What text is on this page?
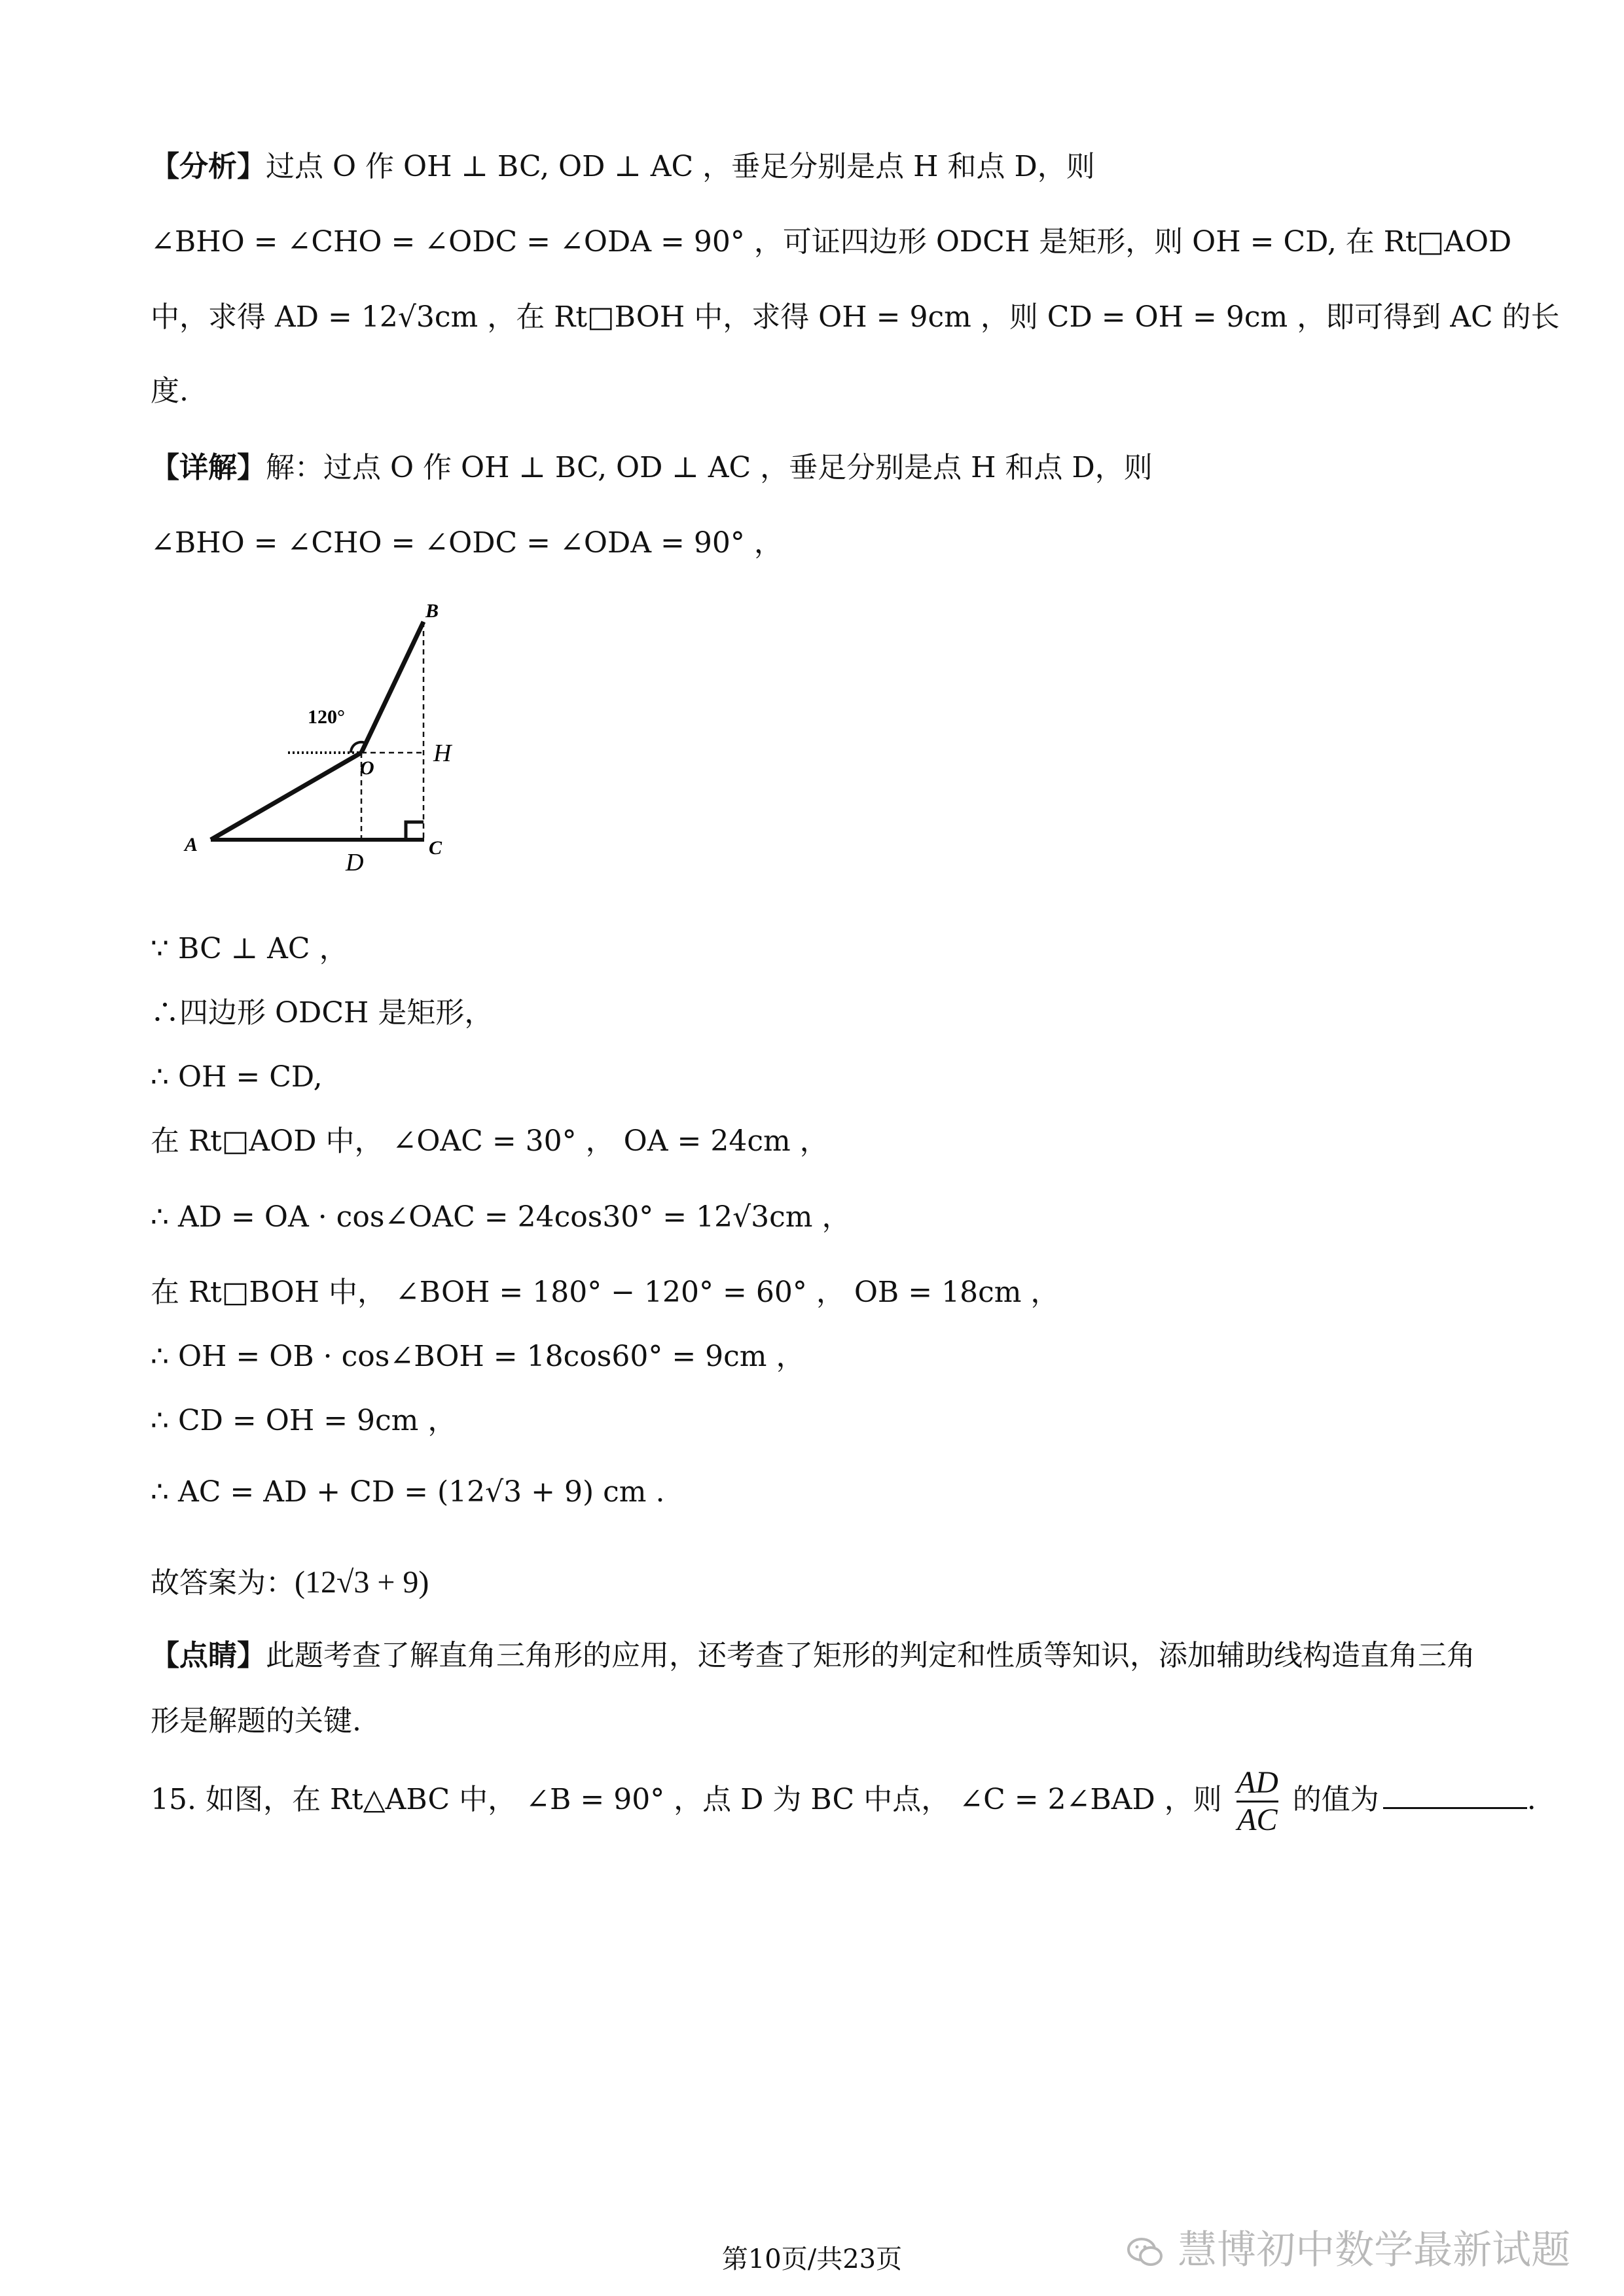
【分析】过点 O 作 OH ⊥ BC, OD ⊥ AC ，垂足分别是点 H 和点 D，则
∠BHO = ∠CHO = ∠ODC = ∠ODA = 90° ，可证四边形 ODCH 是矩形，则 OH = CD, 在 Rt□AOD
中，求得 AD = 12√3cm ，在 Rt□BOH 中，求得 OH = 9cm ，则 CD = OH = 9cm ，即可得到 AC 的长
度.
【详解】解：过点 O 作 OH ⊥ BC, OD ⊥ AC ，垂足分别是点 H 和点 D，则
∠BHO = ∠CHO = ∠ODC = ∠ODA = 90° ，
B
H
O
A
D
C
120°
∵ BC ⊥ AC ，
∴四边形 ODCH 是矩形，
∴ OH = CD,
在 Rt□AOD 中， ∠OAC = 30° ， OA = 24cm ，
∴ AD = OA · cos∠OAC = 24cos30° = 12√3cm ，
在 Rt□BOH 中， ∠BOH = 180° − 120° = 60° ， OB = 18cm ，
∴ OH = OB · cos∠BOH = 18cos60° = 9cm ，
∴ CD = OH = 9cm ，
∴ AC = AD + CD = (12√3 + 9) cm .
故答案为：(12√3 + 9)
【点睛】此题考查了解直角三角形的应用，还考查了矩形的判定和性质等知识，添加辅助线构造直角三角
形是解题的关键.
15. 如图，在 Rt△ABC 中， ∠B = 90° ，点 D 为 BC 中点， ∠C = 2∠BAD ，则 $\frac{AD}{AC}$ 的值为	.
第10页/共23页	慧博初中数学最新试题
